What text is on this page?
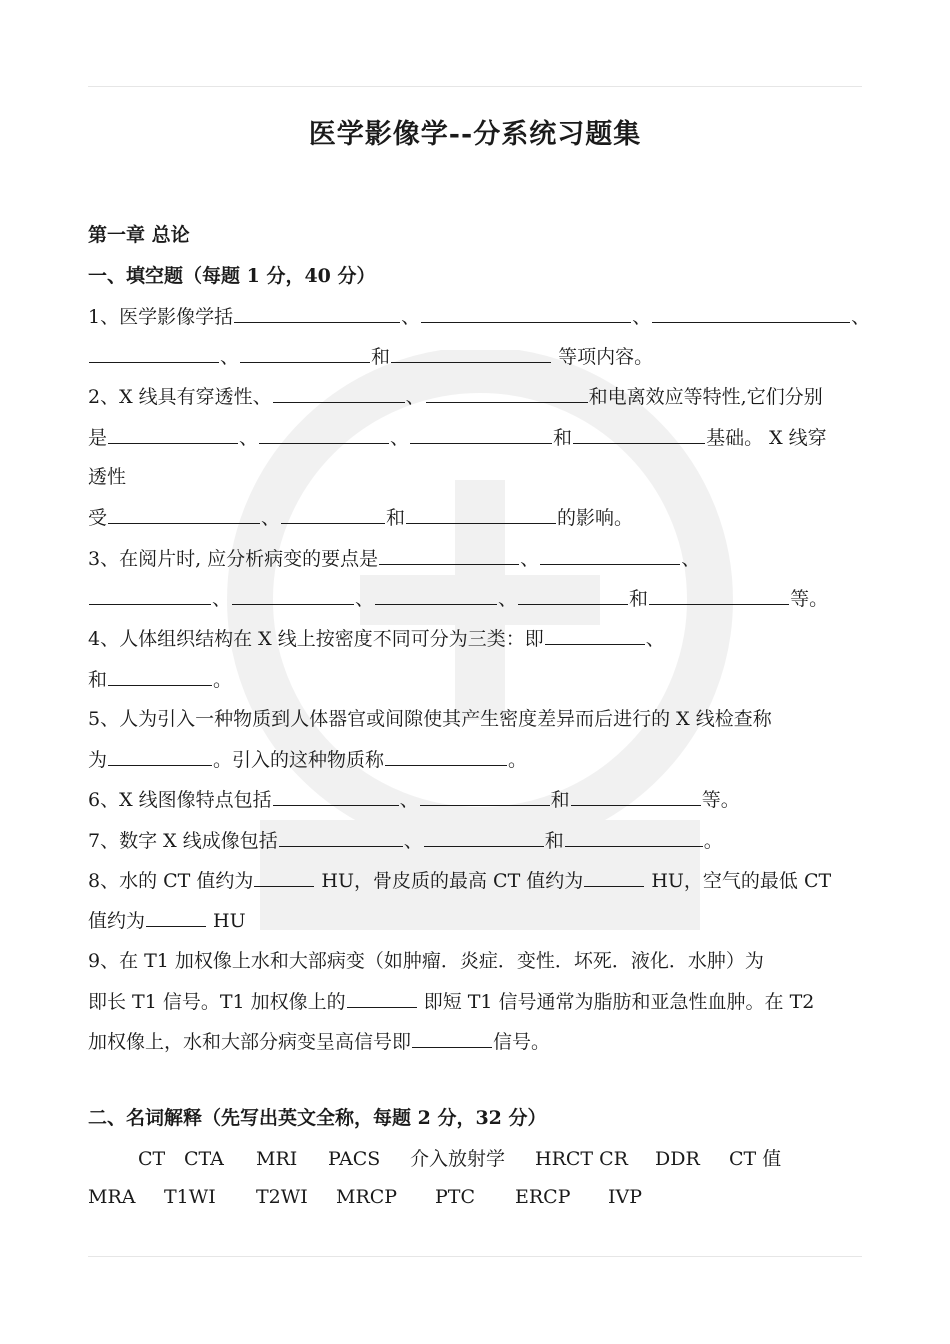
医学影像学--分系统习题集
第一章 总论
一、填空题（每题 1 分，40 分）
1、医学影像学括	、	、	、
、	和	等项内容。
2、X 线具有穿透性、	、	和电离效应等特性,它们分别
是	、	、	和	基础。 X 线穿
透性
受	、	和	的影响。
3、在阅片时, 应分析病变的要点是	、	、
、	、	、	和	等。
4、人体组织结构在 X 线上按密度不同可分为三类：即	、
和	。
5、人为引入一种物质到人体器官或间隙使其产生密度差异而后进行的 X 线检查称
为	。引入的这种物质称	。
6、X 线图像特点包括	、	和	等。
7、数字 X 线成像包括	、	和	。
8、水的 CT 值约为	HU，骨皮质的最高 CT 值约为	HU，空气的最低 CT
值约为	HU
9、在 T1 加权像上水和大部病变（如肿瘤．炎症．变性．坏死．液化．水肿）为
即长 T1 信号。T1 加权像上的	即短 T1 信号通常为脂肪和亚急性血肿。在 T2
加权像上，水和大部分病变呈高信号即	信号。
二、名词解释（先写出英文全称，每题 2 分，32 分）
CT CTA MRI PACS 介入放射学 HRCT CR DDR CT 值
MRA T1WI T2WI MRCP PTC ERCP IVP
